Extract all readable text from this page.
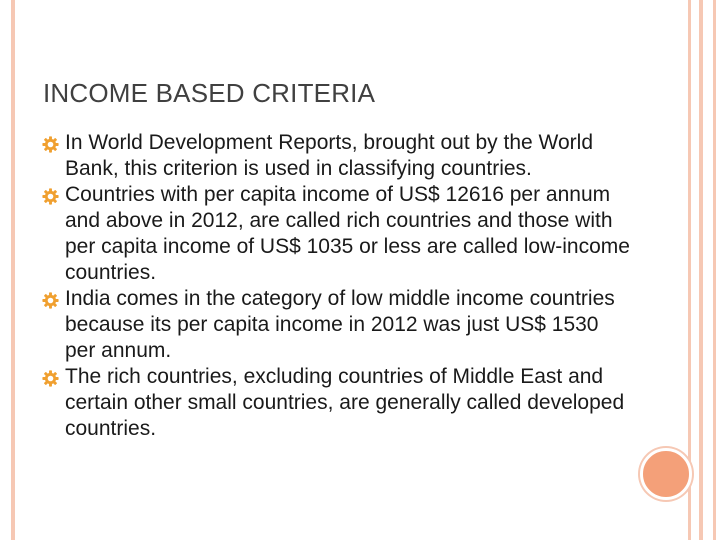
INCOME BASED CRITERIA
In World Development Reports, brought out by the World Bank, this criterion is used in classifying countries.
Countries with per capita income of US$ 12616 per annum and above in 2012, are called rich countries and those with per capita income of US$ 1035 or less are called low-income countries.
India comes in the category of low middle income countries because its per capita income in 2012 was just US$ 1530 per annum.
The rich countries, excluding countries of Middle East and certain other small countries, are generally called developed countries.
